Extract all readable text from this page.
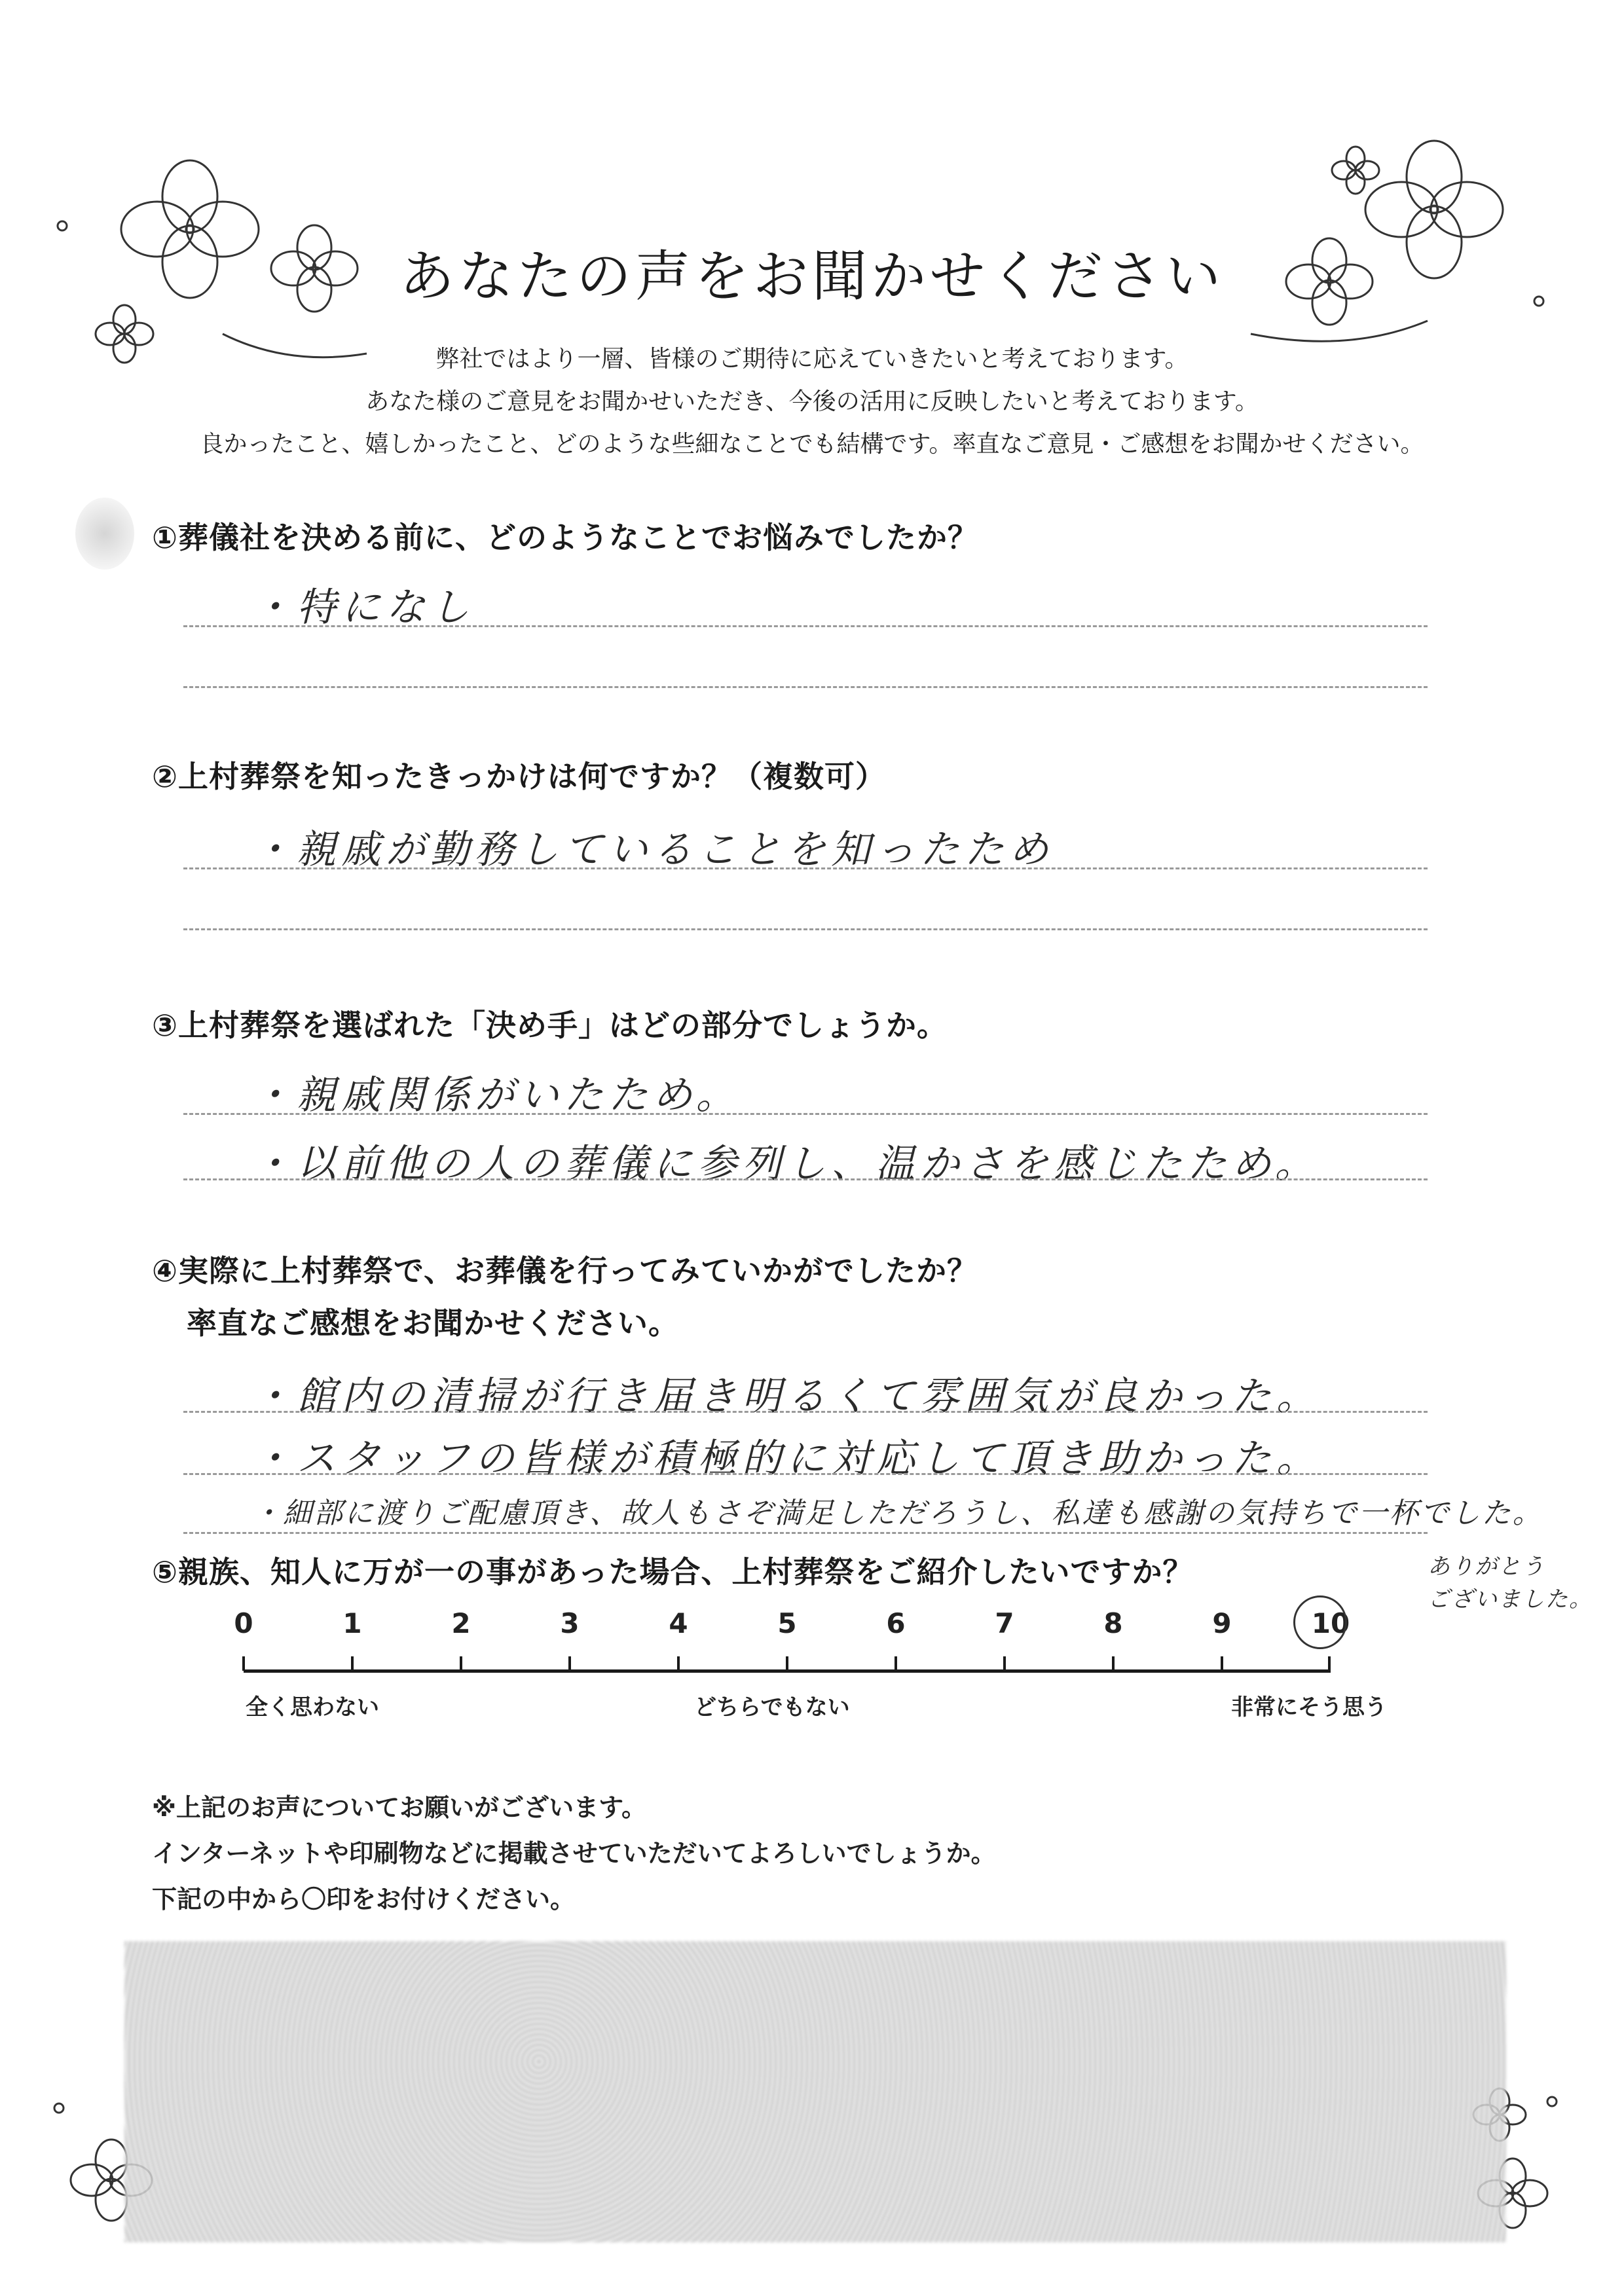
あなたの声をお聞かせください
弊社ではより一層、皆様のご期待に応えていきたいと考えております。
あなた様のご意見をお聞かせいただき、今後の活用に反映したいと考えております。
良かったこと、嬉しかったこと、どのような些細なことでも結構です。率直なご意見・ご感想をお聞かせください。
①葬儀社を決める前に、どのようなことでお悩みでしたか？
・特になし
②上村葬祭を知ったきっかけは何ですか？（複数可）
・親戚が勤務していることを知ったため
③上村葬祭を選ばれた「決め手」はどの部分でしょうか。
・親戚関係がいたため。
・以前他の人の葬儀に参列し、温かさを感じたため。
④実際に上村葬祭で、お葬儀を行ってみていかがでしたか？
率直なご感想をお聞かせください。
・館内の清掃が行き届き明るくて雰囲気が良かった。
・スタッフの皆様が積極的に対応して頂き助かった。
・細部に渡りご配慮頂き、故人もさぞ満足しただろうし、私達も感謝の気持ちで一杯でした。
⑤親族、知人に万が一の事があった場合、上村葬祭をご紹介したいですか？	ありがとう
ございました。
0	1	2	3	4	5	6	7	8	9	10
全く思わない	どちらでもない	非常にそう思う
※上記のお声についてお願いがございます。
インターネットや印刷物などに掲載させていただいてよろしいでしょうか。
下記の中から〇印をお付けください。
